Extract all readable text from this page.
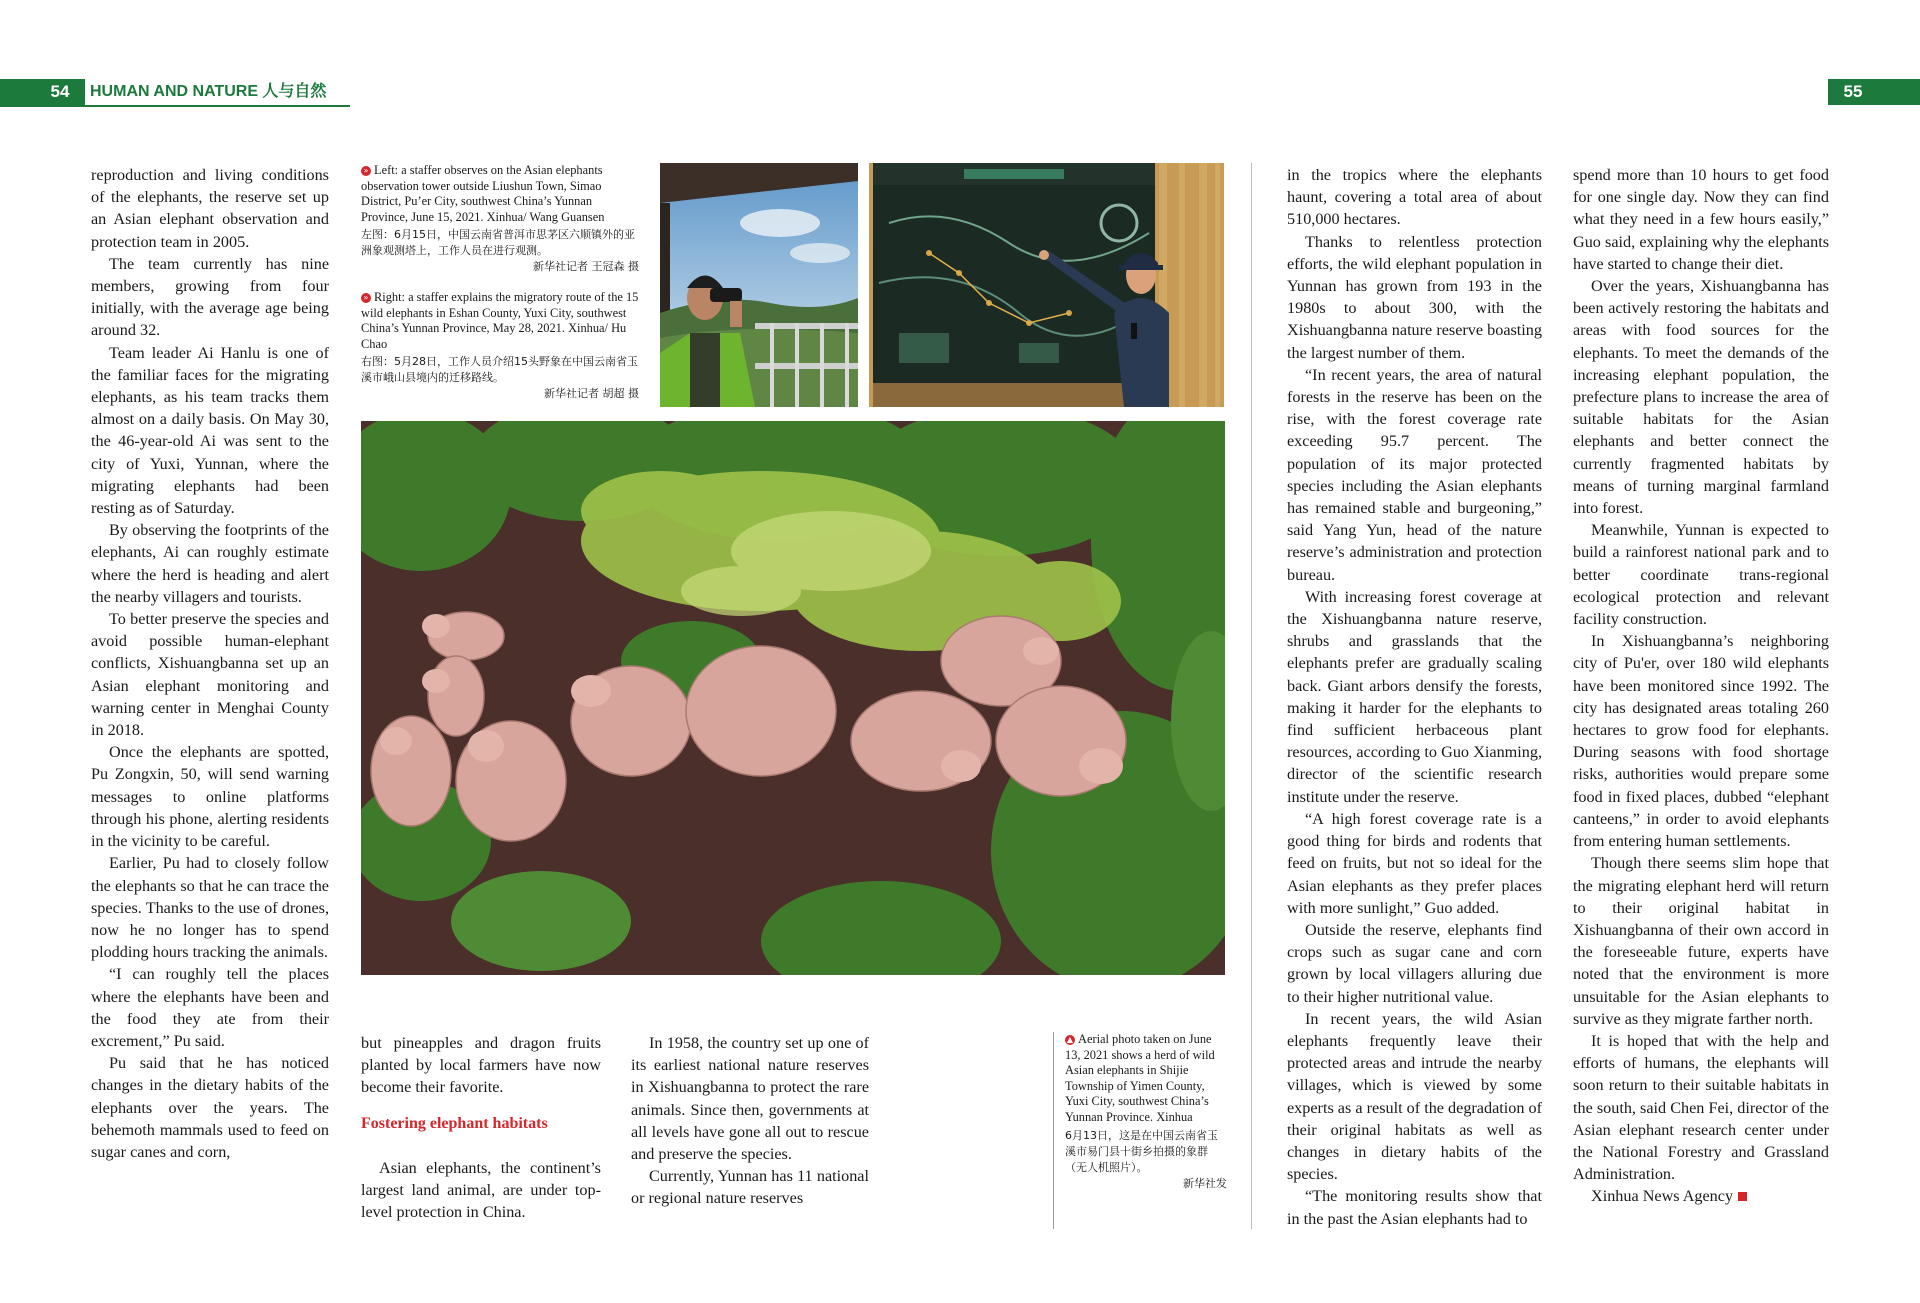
54	HUMAN AND NATURE 人与自然	55

reproduction and living conditions of the elephants, the reserve set up an Asian elephant observation and protection team in 2005.

The team currently has nine members, growing from four initially, with the average age being around 32.

Team leader Ai Hanlu is one of the familiar faces for the migrating elephants, as his team tracks them almost on a daily basis. On May 30, the 46-year-old Ai was sent to the city of Yuxi, Yunnan, where the migrating elephants had been resting as of Saturday.

By observing the footprints of the elephants, Ai can roughly estimate where the herd is heading and alert the nearby villagers and tourists.

To better preserve the species and avoid possible human-elephant conflicts, Xishuangbanna set up an Asian elephant monitoring and warning center in Menghai County in 2018.

Once the elephants are spotted, Pu Zongxin, 50, will send warning messages to online platforms through his phone, alerting residents in the vicinity to be careful.

Earlier, Pu had to closely follow the elephants so that he can trace the species. Thanks to the use of drones, now he no longer has to spend plodding hours tracking the animals.

“I can roughly tell the places where the elephants have been and the food they ate from their excrement,” Pu said.

Pu said that he has noticed changes in the dietary habits of the elephants over the years. The behemoth mammals used to feed on sugar canes and corn,

» Left: a staffer observes on the Asian elephants observation tower outside Liushun Town, Simao District, Pu’er City, southwest China’s Yunnan Province, June 15, 2021. Xinhua/ Wang Guansen

左图：6月15日，中国云南省普洱市思茅区六顺镇外的亚洲象观测塔上，工作人员在进行观测。

新华社记者 王冠森 摄

» Right: a staffer explains the migratory route of the 15 wild elephants in Eshan County, Yuxi City, southwest China’s Yunnan Province, May 28, 2021. Xinhua/ Hu Chao

右图：5月28日，工作人员介绍15头野象在中国云南省玉溪市峨山县境内的迁移路线。

新华社记者 胡超 摄

but pineapples and dragon fruits planted by local farmers have now become their favorite.

Fostering elephant habitats

Asian elephants, the continent’s largest land animal, are under top-level protection in China.

In 1958, the country set up one of its earliest national nature reserves in Xishuangbanna to protect the rare animals. Since then, governments at all levels have gone all out to rescue and preserve the species.

Currently, Yunnan has 11 national or regional nature reserves

▲ Aerial photo taken on June 13, 2021 shows a herd of wild Asian elephants in Shijie Township of Yimen County, Yuxi City, southwest China’s Yunnan Province. Xinhua

6月13日，这是在中国云南省玉溪市易门县十街乡拍摄的象群（无人机照片）。

新华社发

in the tropics where the elephants haunt, covering a total area of about 510,000 hectares.

Thanks to relentless protection efforts, the wild elephant population in Yunnan has grown from 193 in the 1980s to about 300, with the Xishuangbanna nature reserve boasting the largest number of them.

“In recent years, the area of natural forests in the reserve has been on the rise, with the forest coverage rate exceeding 95.7 percent. The population of its major protected species including the Asian elephants has remained stable and burgeoning,” said Yang Yun, head of the nature reserve’s administration and protection bureau.

With increasing forest coverage at the Xishuangbanna nature reserve, shrubs and grasslands that the elephants prefer are gradually scaling back. Giant arbors densify the forests, making it harder for the elephants to find sufficient herbaceous plant resources, according to Guo Xianming, director of the scientific research institute under the reserve.

“A high forest coverage rate is a good thing for birds and rodents that feed on fruits, but not so ideal for the Asian elephants as they prefer places with more sunlight,” Guo added.

Outside the reserve, elephants find crops such as sugar cane and corn grown by local villagers alluring due to their higher nutritional value.

In recent years, the wild Asian elephants frequently leave their protected areas and intrude the nearby villages, which is viewed by some experts as a result of the degradation of their original habitats as well as changes in dietary habits of the species.

“The monitoring results show that in the past the Asian elephants had to

spend more than 10 hours to get food for one single day. Now they can find what they need in a few hours easily,” Guo said, explaining why the elephants have started to change their diet.

Over the years, Xishuangbanna has been actively restoring the habitats and areas with food sources for the elephants. To meet the demands of the increasing elephant population, the prefecture plans to increase the area of suitable habitats for the Asian elephants and better connect the currently fragmented habitats by means of turning marginal farmland into forest.

Meanwhile, Yunnan is expected to build a rainforest national park and to better coordinate trans-regional ecological protection and relevant facility construction.

In Xishuangbanna’s neighboring city of Pu'er, over 180 wild elephants have been monitored since 1992. The city has designated areas totaling 260 hectares to grow food for elephants. During seasons with food shortage risks, authorities would prepare some food in fixed places, dubbed “elephant canteens,” in order to avoid elephants from entering human settlements.

Though there seems slim hope that the migrating elephant herd will return to their original habitat in Xishuangbanna of their own accord in the foreseeable future, experts have noted that the environment is more unsuitable for the Asian elephants to survive as they migrate farther north.

It is hoped that with the help and efforts of humans, the elephants will soon return to their suitable habitats in the south, said Chen Fei, director of the Asian elephant research center under the National Forestry and Grassland Administration.

Xinhua News Agency
